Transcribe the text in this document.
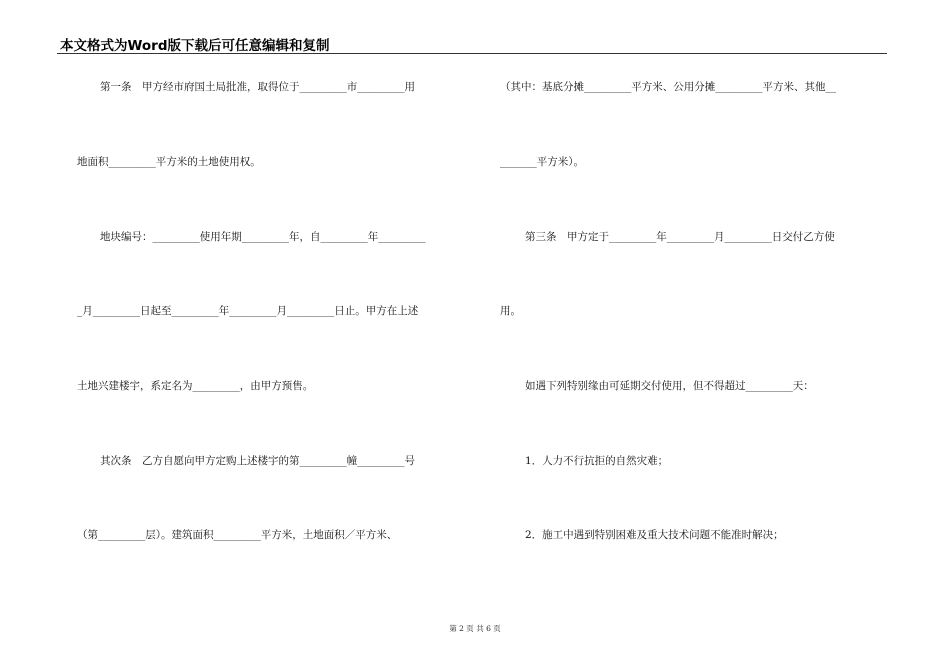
本文格式为Word版下载后可任意编辑和复制
第一条　甲方经市府国土局批准，取得位于_________市_________用
地面积_________平方米的土地使用权。
地块编号：_________使用年期_________年，自_________年_________
_月_________日起至_________年_________月_________日止。甲方在上述
土地兴建楼宇，系定名为_________，由甲方预售。
其次条　乙方自愿向甲方定购上述楼宇的第_________幢_________号
（第_________层）。建筑面积_________平方米，土地面积／平方米、
（其中：基底分摊_________平方米、公用分摊_________平方米、其他__
_______平方米）。
第三条　甲方定于_________年_________月_________日交付乙方使
用。
如遇下列特别缘由可延期交付使用，但不得超过_________天：
1．人力不行抗拒的自然灾难；
2．施工中遇到特别困难及重大技术问题不能准时解决；
第 2 页 共 6 页
